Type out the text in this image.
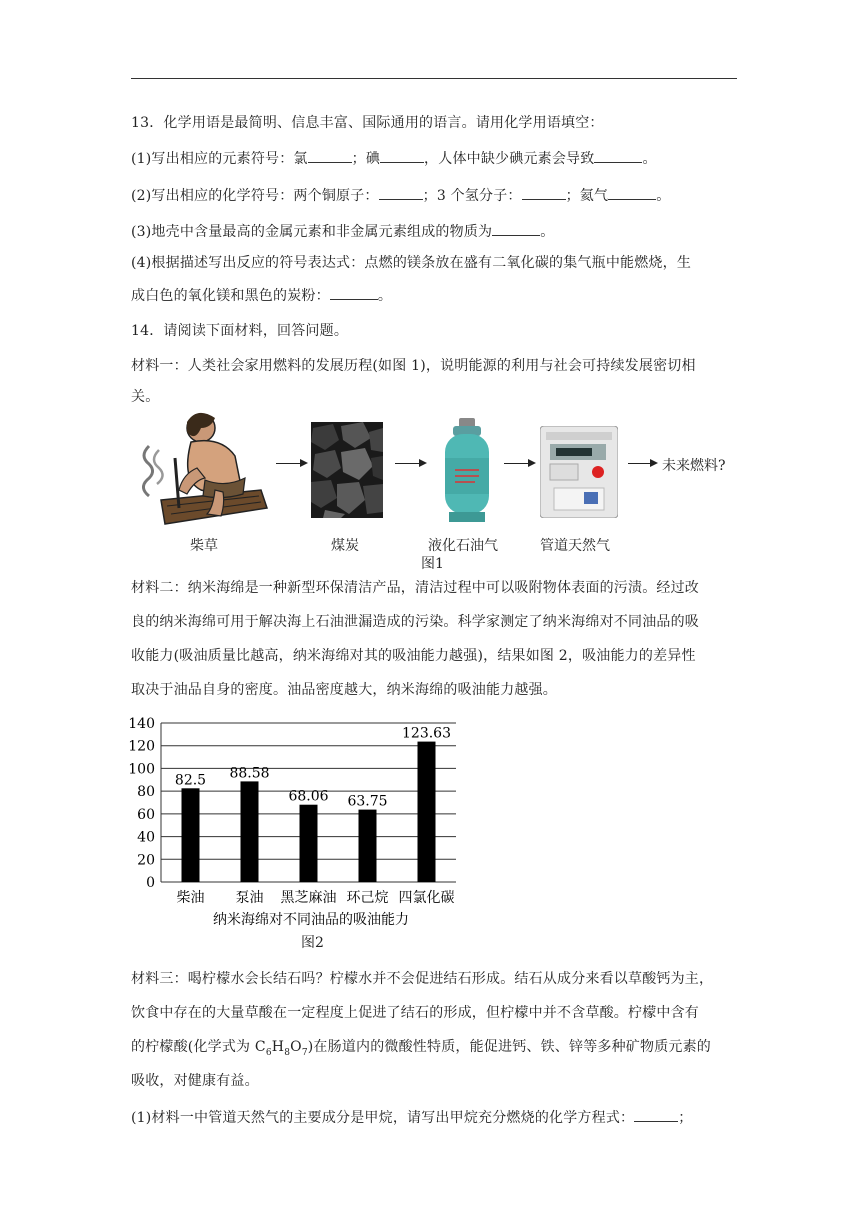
13．化学用语是最简明、信息丰富、国际通用的语言。请用化学用语填空：
(1)写出相应的元素符号：氯	；碘	，人体中缺少碘元素会导致	。
(2)写出相应的化学符号：两个铜原子：	；3 个氢分子：	；氦气	。
(3)地壳中含量最高的金属元素和非金属元素组成的物质为	。
(4)根据描述写出反应的符号表达式：点燃的镁条放在盛有二氧化碳的集气瓶中能燃烧，生
成白色的氧化镁和黑色的炭粉：	。
14．请阅读下面材料，回答问题。
材料一：人类社会家用燃料的发展历程(如图 1)，说明能源的利用与社会可持续发展密切相
关。
未来燃料?
柴草	煤炭	液化石油气	管道天然气
图1
材料二：纳米海绵是一种新型环保清洁产品，清洁过程中可以吸附物体表面的污渍。经过改
良的纳米海绵可用于解决海上石油泄漏造成的污染。科学家测定了纳米海绵对不同油品的吸
收能力(吸油质量比越高，纳米海绵对其的吸油能力越强)，结果如图 2，吸油能力的差异性
取决于油品自身的密度。油品密度越大，纳米海绵的吸油能力越强。
0
20
40
60
80
100
120
140
82.5 88.58
68.06 63.75
123.63
柴油 泵油 黑芝麻油 环己烷 四氯化碳
纳米海绵对不同油品的吸油能力
图2
材料三：喝柠檬水会长结石吗？柠檬水并不会促进结石形成。结石从成分来看以草酸钙为主，
饮食中存在的大量草酸在一定程度上促进了结石的形成，但柠檬中并不含草酸。柠檬中含有
的柠檬酸(化学式为 $C_6H_8O_7$)在肠道内的微酸性特质，能促进钙、铁、锌等多种矿物质元素的
吸收，对健康有益。
(1)材料一中管道天然气的主要成分是甲烷，请写出甲烷充分燃烧的化学方程式：	；
